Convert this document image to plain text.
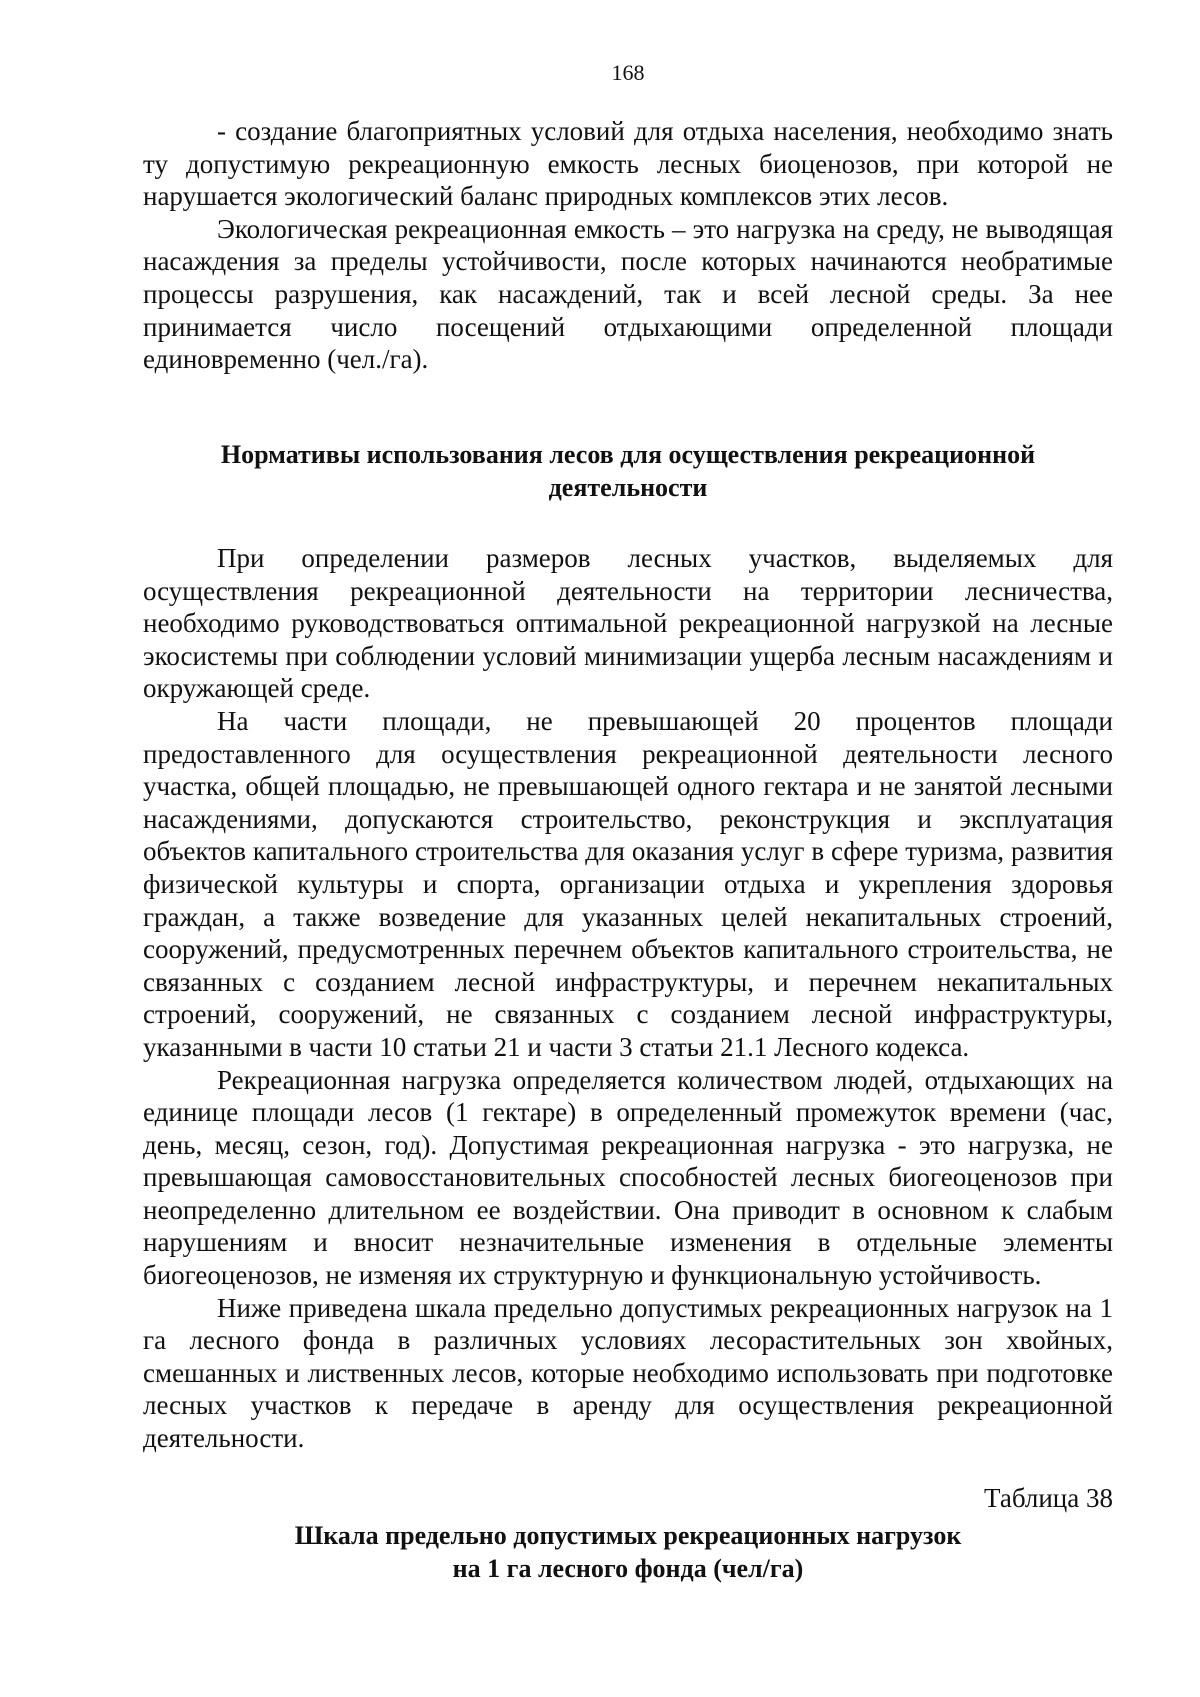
168

- создание благоприятных условий для отдыха населения, необходимо знать ту допустимую рекреационную емкость лесных биоценозов, при которой не нарушается экологический баланс природных комплексов этих лесов.

Экологическая рекреационная емкость – это нагрузка на среду, не выводящая насаждения за пределы устойчивости, после которых начинаются необратимые процессы разрушения, как насаждений, так и всей лесной среды. За нее принимается число посещений отдыхающими определенной площади единовременно (чел./га).

Нормативы использования лесов для осуществления рекреационной
деятельности

При определении размеров лесных участков, выделяемых для осуществления рекреационной деятельности на территории лесничества, необходимо руководствоваться оптимальной рекреационной нагрузкой на лесные экосистемы при соблюдении условий минимизации ущерба лесным насаждениям и окружающей среде.

На части площади, не превышающей 20 процентов площади предоставленного для осуществления рекреационной деятельности лесного участка, общей площадью, не превышающей одного гектара и не занятой лесными насаждениями, допускаются строительство, реконструкция и эксплуатация объектов капитального строительства для оказания услуг в сфере туризма, развития физической культуры и спорта, организации отдыха и укрепления здоровья граждан, а также возведение для указанных целей некапитальных строений, сооружений, предусмотренных перечнем объектов капитального строительства, не связанных с созданием лесной инфраструктуры, и перечнем некапитальных строений, сооружений, не связанных с созданием лесной инфраструктуры, указанными в части 10 статьи 21 и части 3 статьи 21.1 Лесного кодекса.

Рекреационная нагрузка определяется количеством людей, отдыхающих на единице площади лесов (1 гектаре) в определенный промежуток времени (час, день, месяц, сезон, год). Допустимая рекреационная нагрузка - это нагрузка, не превышающая самовосстановительных способностей лесных биогеоценозов при неопределенно длительном ее воздействии. Она приводит в основном к слабым нарушениям и вносит незначительные изменения в отдельные элементы биогеоценозов, не изменяя их структурную и функциональную устойчивость.

Ниже приведена шкала предельно допустимых рекреационных нагрузок на 1 га лесного фонда в различных условиях лесорастительных зон хвойных, смешанных и лиственных лесов, которые необходимо использовать при подготовке лесных участков к передаче в аренду для осуществления рекреационной деятельности.

Таблица 38
Шкала предельно допустимых рекреационных нагрузок
на 1 га лесного фонда (чел/га)
